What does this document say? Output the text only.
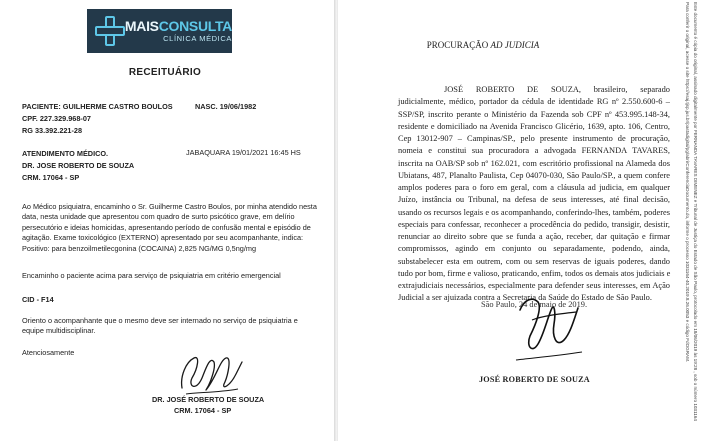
MAISCONSULTA
CLÍNICA MÉDICA
RECEITUÁRIO
PACIENTE: GUILHERME CASTRO BOULOS	NASC. 19/06/1982
CPF. 227.329.968-07
RG 33.392.221-28
ATENDIMENTO MÉDICO.	JABAQUARA 19/01/2021 16:45 HS
DR. JOSE ROBERTO DE SOUZA
CRM. 17064 - SP
Ao Médico psiquiatra, encaminho o Sr. Guilherme Castro Boulos, por minha atendido nesta
data, nesta unidade que apresentou com quadro de surto psicótico grave, em delírio
persecutório e ideias homicidas, apresentando período de confusão mental e episódio de
agitação. Exame toxicológico (EXTERNO) apresentado por seu acompanhante, indica:
Positivo: para benzoilmetilecgonina (COCAINA) 2,825 NG/MG 0,5ng/mg
Encaminho o paciente acima para serviço de psiquiatria em critério emergencial
CID - F14
Oriento o acompanhante que o mesmo deve ser internado no serviço de psiquiatria e
equipe multidisciplinar.
Atenciosamente
DR. JOSÉ ROBERTO DE SOUZA
CRM. 17064 - SP
PROCURAÇÃO AD JUDICIA
JOSÉ ROBERTO DE SOUZA, brasileiro, separado
judicialmente, médico, portador da cédula de identidade RG nº 2.550.600-6 –
SSP/SP, inscrito perante o Ministério da Fazenda sob CPF nº 453.995.148-34,
residente e domiciliado na Avenida Francisco Glicério, 1639, apto. 106, Centro,
Cep 13012-907 – Campinas/SP., pelo presente instrumento de procuração,
nomeia e constitui sua procuradora a advogada FERNANDA TAVARES,
inscrita na OAB/SP sob nº 162.021, com escritório profissional na Alameda dos
Ubiatans, 487, Planalto Paulista, Cep 04070-030, São Paulo/SP., a quem confere
amplos poderes para o foro em geral, com a cláusula ad judicia, em qualquer
Juízo, instância ou Tribunal, na defesa de seus interesses, até final decisão,
usando os recursos legais e os acompanhando, conferindo-lhes, também, poderes
especiais para confessar, reconhecer a procedência do pedido, transigir, desistir,
renunciar ao direito sobre que se funda a ação, receber, dar quitação e firmar
compromissos, agindo em conjunto ou separadamente, podendo, ainda,
substabelecer esta em outrem, com ou sem reservas de iguais poderes, dando
tudo por bom, firme e valioso, praticando, enfim, todos os demais atos judiciais e
extrajudiciais necessários, especialmente para defender seus interesses, em Ação
Judicial a ser ajuizada contra a Secretaria da Saúde do Estado de São Paulo.
São Paulo, 24 de maio de 2019.
JOSÉ ROBERTO DE SOUZA	Este documento é cópia do original, assinado digitalmente por FERNANDA TAVARES DIMENEZ e Tribunal de Justiça do Estado de São Paulo, protocolado em 18/06/2019 às 19:28 , sob o número 1031164
Para conferir o original, acesse o site https://esaj.tjsp.jus.br/pastadigital/pg/abrirConferenciaDocumento.do, informe o processo 1031164-40.2019.8.26.0053 e código FdOGRAM.
